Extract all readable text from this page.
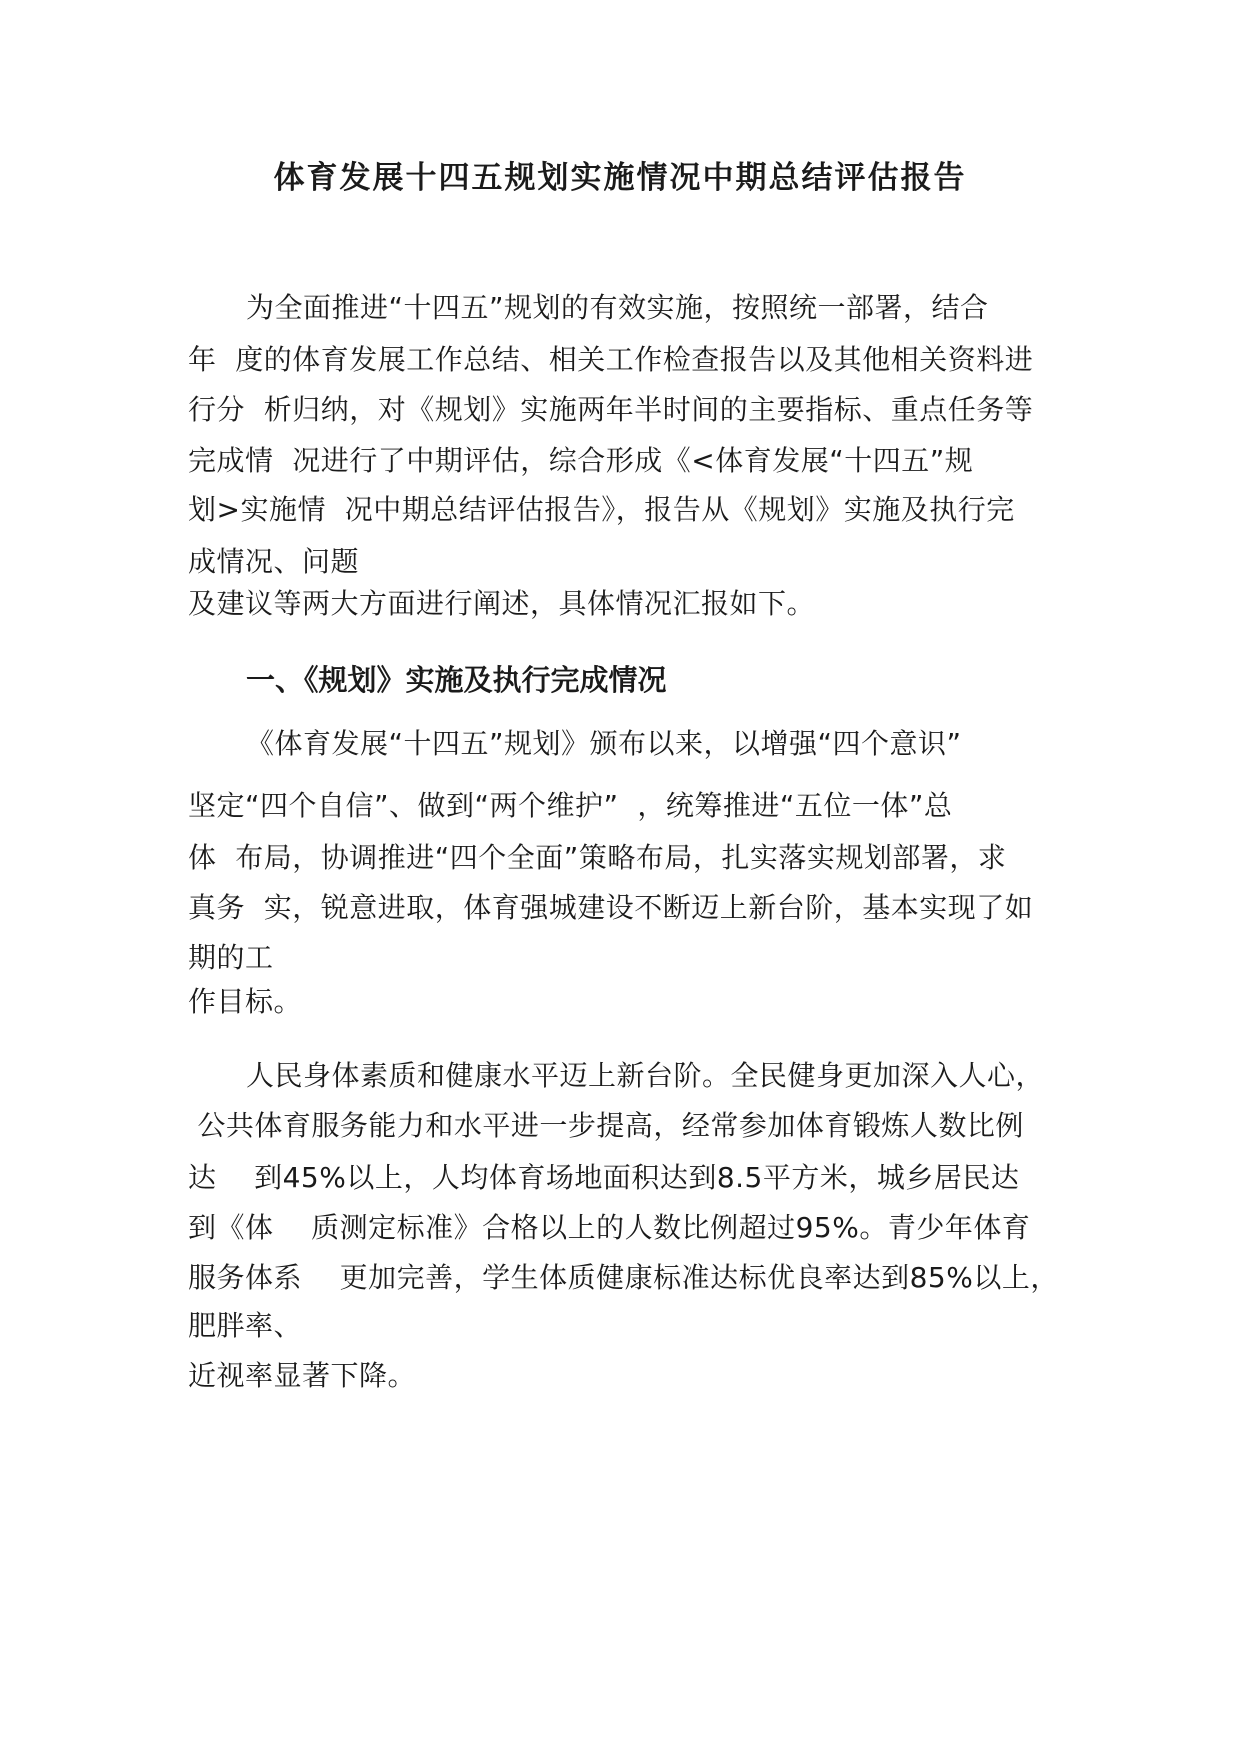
体育发展十四五规划实施情况中期总结评估报告
为全面推进“十四五”规划的有效实施，按照统一部署，结合
年  度的体育发展工作总结、相关工作检查报告以及其他相关资料进
行分  析归纳，对《规划》实施两年半时间的主要指标、重点任务等
完成情  况进行了中期评估，综合形成《<体育发展“十四五”规
划>实施情  况中期总结评估报告》，报告从《规划》实施及执行完
成情况、问题
及建议等两大方面进行阐述，具体情况汇报如下。
一、《规划》实施及执行完成情况
《体育发展“十四五”规划》颁布以来，以增强“四个意识”
坚定“四个自信”、做到“两个维护”  ，统筹推进“五位一体”总
体  布局，协调推进“四个全面”策略布局，扎实落实规划部署，求
真务  实，锐意进取，体育强城建设不断迈上新台阶，基本实现了如
期的工
作目标。
人民身体素质和健康水平迈上新台阶。全民健身更加深入人心，
公共体育服务能力和水平进一步提高，经常参加体育锻炼人数比例
达    到45%以上，人均体育场地面积达到8.5平方米，城乡居民达
到《体    质测定标准》合格以上的人数比例超过95%。青少年体育
服务体系    更加完善，学生体质健康标准达标优良率达到85%以上，
肥胖率、
近视率显著下降。
